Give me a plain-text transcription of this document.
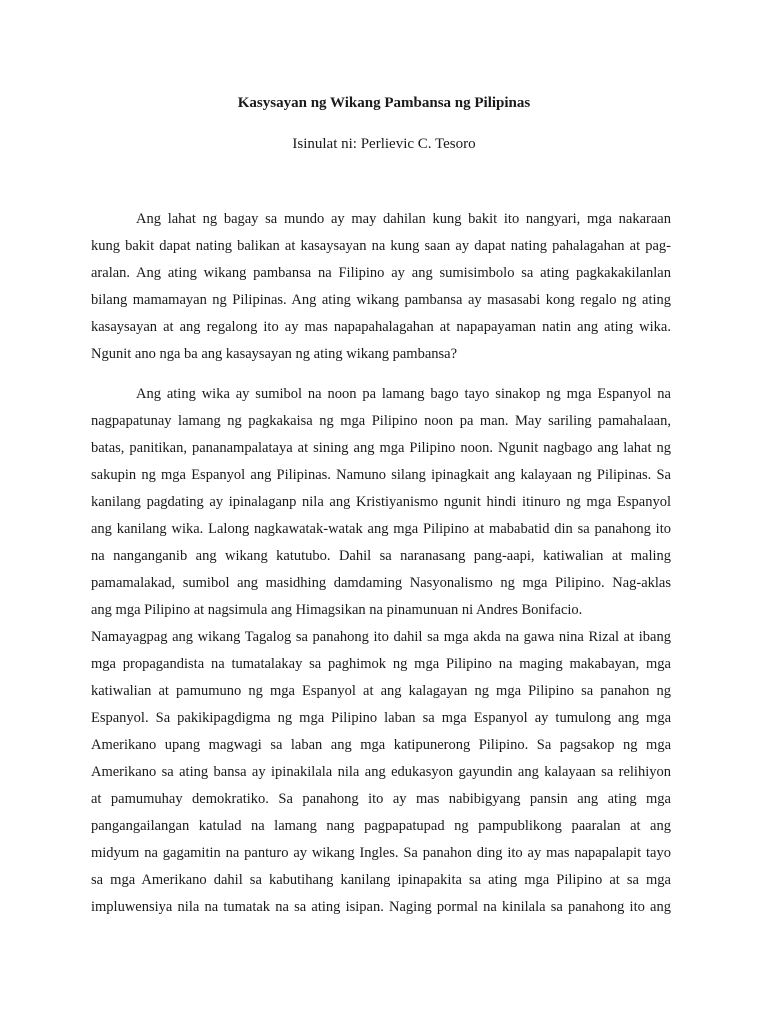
Kasysayan ng Wikang Pambansa ng Pilipinas
Isinulat ni: Perlievic C. Tesoro
Ang lahat ng bagay sa mundo ay may dahilan kung bakit ito nangyari, mga nakaraan
kung bakit dapat nating balikan at kasaysayan na kung saan ay dapat nating pahalagahan at pag-
aralan. Ang ating wikang pambansa na Filipino ay ang sumisimbolo sa ating pagkakakilanlan
bilang mamamayan ng Pilipinas. Ang ating wikang pambansa ay masasabi kong regalo ng ating
kasaysayan at ang regalong ito ay mas napapahalagahan at napapayaman natin ang ating wika.
Ngunit ano nga ba ang kasaysayan ng ating wikang pambansa?
Ang ating wika ay sumibol na noon pa lamang bago tayo sinakop ng mga Espanyol na
nagpapatunay lamang ng pagkakaisa ng mga Pilipino noon pa man. May sariling pamahalaan,
batas, panitikan, pananampalataya at sining ang mga Pilipino noon. Ngunit nagbago ang lahat ng
sakupin ng mga Espanyol ang Pilipinas. Namuno silang ipinagkait ang kalayaan ng Pilipinas. Sa
kanilang pagdating ay ipinalaganp nila ang Kristiyanismo ngunit hindi itinuro ng mga Espanyol
ang kanilang wika. Lalong nagkawatak-watak ang mga Pilipino at mababatid din sa panahong ito
na nanganganib ang wikang katutubo. Dahil sa naranasang pang-aapi, katiwalian at maling
pamamalakad, sumibol ang masidhing damdaming Nasyonalismo ng mga Pilipino. Nag-aklas
ang mga Pilipino at nagsimula ang Himagsikan na pinamunuan ni Andres Bonifacio.
Namayagpag ang wikang Tagalog sa panahong ito dahil sa mga akda na gawa nina Rizal at ibang
mga propagandista na tumatalakay sa paghimok ng mga Pilipino na maging makabayan, mga
katiwalian at pamumuno ng mga Espanyol at ang kalagayan ng mga Pilipino sa panahon ng
Espanyol. Sa pakikipagdigma ng mga Pilipino laban sa mga Espanyol ay tumulong ang mga
Amerikano upang magwagi sa laban ang mga katipunerong Pilipino. Sa pagsakop ng mga
Amerikano sa ating bansa ay ipinakilala nila ang edukasyon gayundin ang kalayaan sa relihiyon
at pamumuhay demokratiko. Sa panahong ito ay mas nabibigyang pansin ang ating mga
pangangailangan katulad na lamang nang pagpapatupad ng pampublikong paaralan at ang
midyum na gagamitin na panturo ay wikang Ingles. Sa panahon ding ito ay mas napapalapit tayo
sa mga Amerikano dahil sa kabutihang kanilang ipinapakita sa ating mga Pilipino at sa mga
impluwensiya nila na tumatak na sa ating isipan. Naging pormal na kinilala sa panahong ito ang
